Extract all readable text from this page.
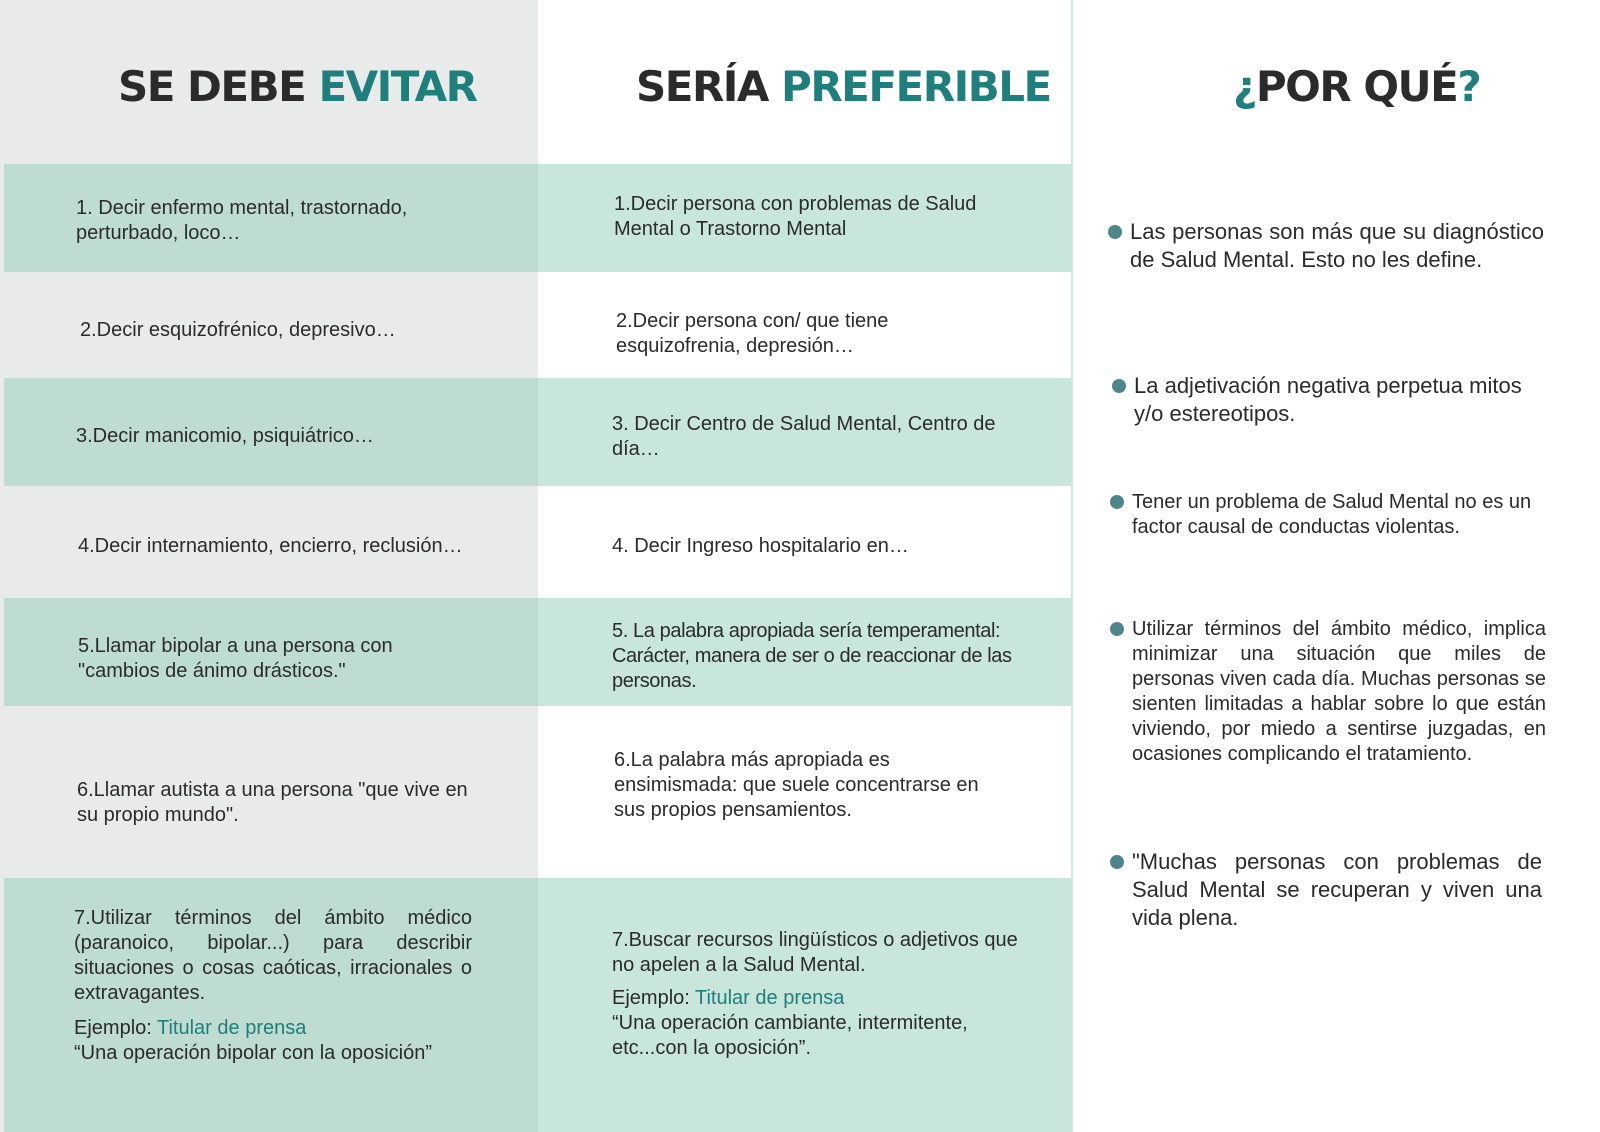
SE DEBE EVITAR	SERÍA PREFERIBLE	¿POR QUÉ?
1. Decir enfermo mental, trastornado, perturbado, loco…
2.Decir esquizofrénico, depresivo…
3.Decir manicomio, psiquiátrico…
4.Decir internamiento, encierro, reclusión…
5.Llamar bipolar a una persona con "cambios de ánimo drásticos."
6.Llamar autista a una persona "que vive en su propio mundo".

7.Utilizar términos del ámbito médico (paranoico, bipolar...) para describir situaciones o cosas caóticas, irracionales o extravagantes.

Ejemplo: Titular de prensa

“Una operación bipolar con la oposición”

1.Decir persona con problemas de Salud Mental o Trastorno Mental
2.Decir persona con/ que tiene esquizofrenia, depresión…
3. Decir Centro de Salud Mental, Centro de día…
4. Decir Ingreso hospitalario en…
5. La palabra apropiada sería temperamental: Carácter, manera de ser o de reaccionar de las personas.
6.La palabra más apropiada es ensimismada: que suele concentrarse en sus propios pensamientos.

7.Buscar recursos lingüísticos o adjetivos que no apelen a la Salud Mental.

Ejemplo: Titular de prensa

“Una operación cambiante, intermitente, etc...con la oposición”.

Las personas son más que su diagnóstico de Salud Mental. Esto no les define.
La adjetivación negativa perpetua mitos y/o estereotipos.
Tener un problema de Salud Mental no es un factor causal de conductas violentas.
Utilizar términos del ámbito médico, implica minimizar una situación que miles de personas viven cada día. Muchas personas se sienten limitadas a hablar sobre lo que están viviendo, por miedo a sentirse juzgadas, en ocasiones complicando el tratamiento.
"Muchas personas con problemas de Salud Mental se recuperan y viven una vida plena.
